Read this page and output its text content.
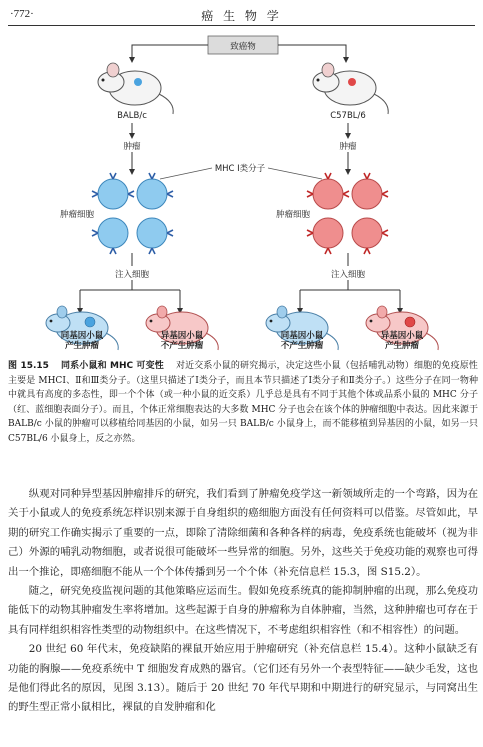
·772·	癌 生 物 学
致癌物
BALB/c	C57BL/6
肿瘤	肿瘤
MHC Ⅰ类分子
肿瘤细胞	肿瘤细胞
注入细胞	注入细胞
同基因小鼠
产生肿瘤
异基因小鼠
不产生肿瘤
同基因小鼠
不产生肿瘤
异基因小鼠
产生肿瘤
图 15.15 同系小鼠和 MHC 可变性 对近交系小鼠的研究揭示，决定这些小鼠（包括哺乳动物）细胞的免疫原性主要是 MHCⅠ、Ⅱ和Ⅲ类分子。（这里只描述了Ⅰ类分子，而且本节只描述了Ⅰ类分子和Ⅱ类分子。）这些分子在同一物种中就具有高度的多态性，即一个个体（或一种小鼠的近交系）几乎总是具有不同于其他个体或品系小鼠的 MHC 分子（红、蓝细胞表面分子）。而且，个体正常细胞表达的大多数 MHC 分子也会在该个体的肿瘤细胞中表达。因此来源于 BALB/c 小鼠的肿瘤可以移植给同基因的小鼠，如另一只 BALB/c 小鼠身上，而不能移植到异基因的小鼠，如另一只 C57BL/6 小鼠身上，反之亦然。

纵观对同种异型基因肿瘤排斥的研究，我们看到了肿瘤免疫学这一新领域所走的一个弯路，因为在关于小鼠或人的免疫系统怎样识别来源于自身组织的癌细胞方面没有任何资料可以借鉴。尽管如此，早期的研究工作确实揭示了重要的一点，即除了清除细菌和各种各样的病毒，免疫系统也能破坏（视为非己）外源的哺乳动物细胞，或者说很可能破坏一些异常的细胞。另外，这些关于免疫功能的观察也可得出一个推论，即癌细胞不能从一个个体传播到另一个个体（补充信息栏 15.3，图 S15.2）。

随之，研究免疫监视问题的其他策略应运而生。假如免疫系统真的能抑制肿瘤的出现，那么免疫功能低下的动物其肿瘤发生率将增加。这些起源于自身的肿瘤称为自体肿瘤，当然，这种肿瘤也可存在于具有同样组织相容性类型的动物组织中。在这些情况下，不考虑组织相容性（和不相容性）的问题。

20 世纪 60 年代末，免疫缺陷的裸鼠开始应用于肿瘤研究（补充信息栏 15.4）。这种小鼠缺乏有功能的胸腺——免疫系统中 T 细胞发育成熟的器官。（它们还有另外一个表型特征——缺少毛发，这也是他们得此名的原因，见图 3.13）。随后于 20 世纪 70 年代早期和中期进行的研究显示，与同窝出生的野生型正常小鼠相比，裸鼠的自发肿瘤和化
